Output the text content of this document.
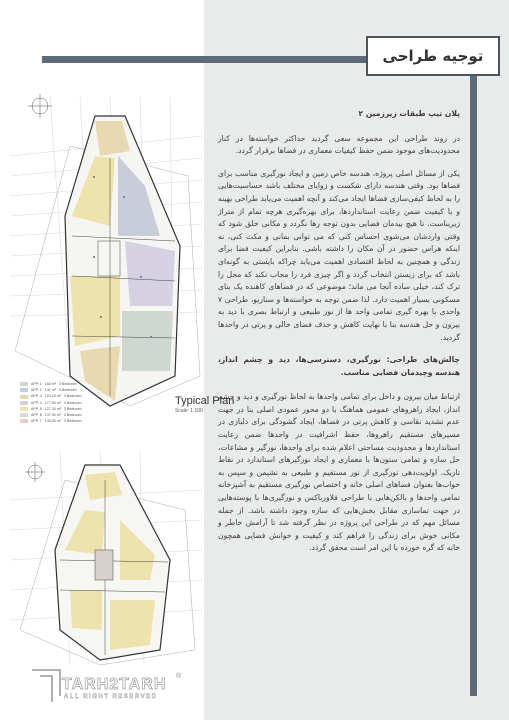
توجیه طراحی
APP. 1 160 m² 3 Bedroom
APP. 2 141 m² 3 Bedroom
APP. 3 124.18 m² 3 Bedroom
APP. 4 177.80 m² 3 Bedroom
APP. 5 127.30 m² 3 Bedroom
APP. 6 137.90 m² 3 Bedroom
APP. 7 145.40 m² 3 Bedroom
Typical Plan
Scale: 1:100
®
TARH2TARH
ALL RIGHT RESERVED

پلان تیپ طبقات زیرزمین ۲

در روند طراحی این مجموعه سعی گردید حداکثر خواسته‌ها در کنار محدودیت‌های موجود ضمن حفظ کیفیات معماری در فضاها برقرار گردد.

یکی از مسائل اصلی پروژه، هندسه خاص زمین و ایجاد نورگیری مناسب برای فضاها بود. وقتی هندسه دارای شکست و زوایای مختلف باشد حساسیت‌هایی را به لحاظ کیفی‌سازی فضاها ایجاد می‌کند و آنچه اهمیت می‌یابد طراحی بهینه و با کیفیت ضمن رعایت استانداردها، برای بهره‌گیری هرچه تمام از متراژ زیربناست. تا هیچ بیدمان فضایی بدون توجه رها نگردد و مکانی خلق شود که وقتی واردشان می‌شوی احساس کنی که می توانی بمانی و مکث کنی، نه اینکه هراس حضور در آن مکان را داشته باشی. بنابراین کیفیت فضا برای زندگی و همچنین به لحاظ اقتصادی اهمیت می‌یابد چراکه بایستی به گونه‌ای باشد که برای زیستن انتخاب گردد و اگر چیزی فرد را مجاب نکند که محل را ترک کند، خیلی ساده آنجا می ماند؛ موضوعی که در فضاهای کاهنده یک بنای مسکونی بسیار اهمیت دارد. لذا ضمن توجه به خواسته‌ها و سناریو، طراحی ۷ واحدی با بهره گیری تمامی واحد ها از نور طبیعی و ارتباط بصری با دید به بیرون و حل هندسه بنا با نهایت کاهش و حذف فضای خالی و پرتی در واحدها گردید.

چالش‌های طراحی: نورگیری، دسترسی‌ها، دید و چشم انداز، هندسه وچیدمان فضایی مناسب.

ارتباط میان بیرون و داخل برای تمامی واحدها به لحاظ نورگیری و دید و چشم انداز، ایجاد راهروهای عمومی هماهنگ با دو محور عمودی اصلی بنا در جهت عدم تشدید نقاسی و کاهش پرتی در فضاها، ایجاد گشودگی برای دلبازی در مسیرهای مستقیم راهروها، حفظ اشرافیت در واحدها ضمن رعایت استانداردها و محدودیت مساحتی اعلام شده برای واحدها، نورگیر و مشاعات، حل سازه و تمامی ستون‌ها با معماری و ایجاد نورگیرهای استاندارد در نقاط تاریک. اولویت‌دهی نورگیری از نور مستقیم و طبیعی به نشیمن و سپس به خواب‌ها بعنوان فضاهای اصلی خانه و اختصاص نورگیری مستقیم به آشپزخانه تمامی واحدها و بالکن‌هایی با طراحی فلاورباکس و نورگیری‌ها با پوسته‌هایی در جهت تماسازی مقابل بخش‌هایی که سازه وجود داشته باشد. از جمله مسائل مهم که در طراحی این پروژه در نظر گرفته شد تا آرامش خاطر و مکانی خوش برای زندگی را فراهم کند و کیفیت و خوانش فضایی همچون خانه که گره خورده با این امر است محقق گردد.
